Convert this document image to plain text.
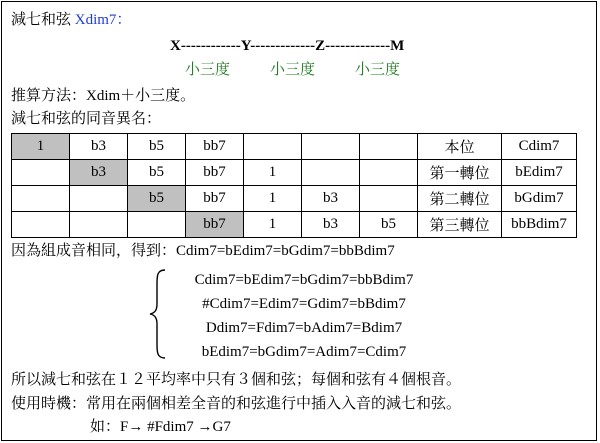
減七和弦 Xdim7：
X------------Y-------------Z-------------M
小三度	小三度	小三度
推算方法：Xdim＋小三度。
減七和弦的同音異名：
1	b3	b5	bb7				本位	Cdim7
	b3	b5	bb7	1			第一轉位	bEdim7
		b5	bb7	1	b3		第二轉位	bGdim7
			bb7	1	b3	b5	第三轉位	bbBdim7
因為組成音相同，得到：Cdim7=bEdim7=bGdim7=bbBdim7
Cdim7=bEdim7=bGdim7=bbBdim7
#Cdim7=Edim7=Gdim7=bBdim7
Ddim7=Fdim7=bAdim7=Bdim7
bEdim7=bGdim7=Adim7=Cdim7
所以減七和弦在１２平均率中只有３個和弦；每個和弦有４個根音。
使用時機：常用在兩個相差全音的和弦進行中插入入音的減七和弦。
如：F→ #Fdim7 →G7
